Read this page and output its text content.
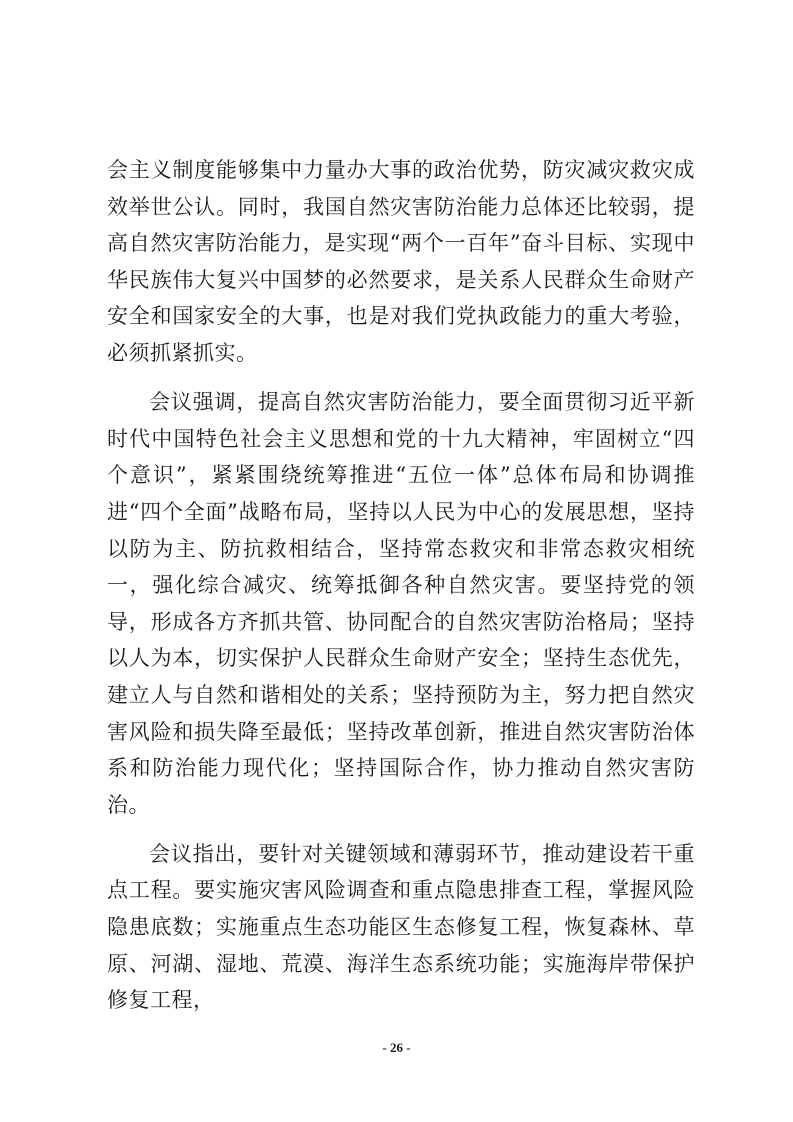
会主义制度能够集中力量办大事的政治优势，防灾减灾救灾成效举世公认。同时，我国自然灾害防治能力总体还比较弱，提高自然灾害防治能力，是实现“两个一百年”奋斗目标、实现中华民族伟大复兴中国梦的必然要求，是关系人民群众生命财产安全和国家安全的大事，也是对我们党执政能力的重大考验，必须抓紧抓实。

会议强调，提高自然灾害防治能力，要全面贯彻习近平新时代中国特色社会主义思想和党的十九大精神，牢固树立“四个意识”，紧紧围绕统筹推进“五位一体”总体布局和协调推进“四个全面”战略布局，坚持以人民为中心的发展思想，坚持以防为主、防抗救相结合，坚持常态救灾和非常态救灾相统一，强化综合减灾、统筹抵御各种自然灾害。要坚持党的领导，形成各方齐抓共管、协同配合的自然灾害防治格局；坚持以人为本，切实保护人民群众生命财产安全；坚持生态优先，建立人与自然和谐相处的关系；坚持预防为主，努力把自然灾害风险和损失降至最低；坚持改革创新，推进自然灾害防治体系和防治能力现代化；坚持国际合作，协力推动自然灾害防治。

会议指出，要针对关键领域和薄弱环节，推动建设若干重点工程。要实施灾害风险调查和重点隐患排查工程，掌握风险隐患底数；实施重点生态功能区生态修复工程，恢复森林、草原、河湖、湿地、荒漠、海洋生态系统功能；实施海岸带保护修复工程，

- 26 -
